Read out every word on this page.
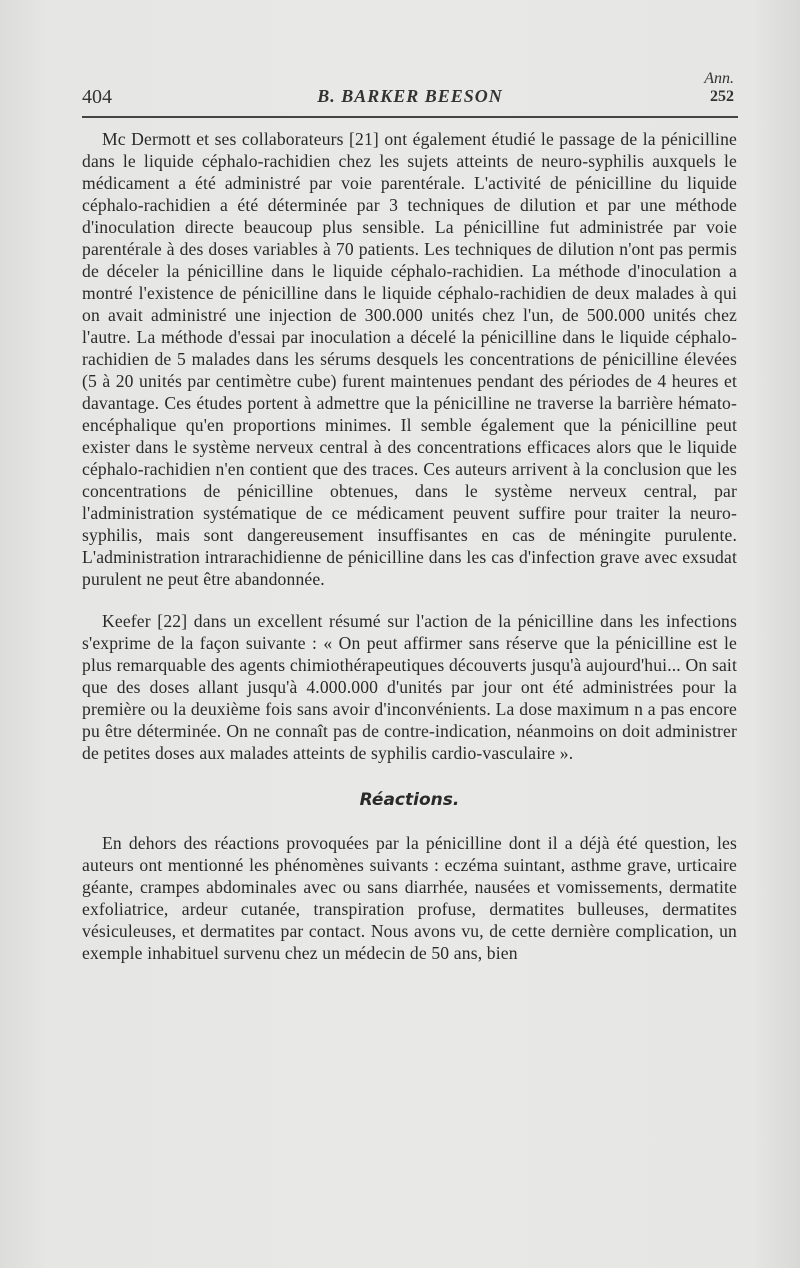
404	B. BARKER BEESON
Ann.
252

Mc Dermott et ses collaborateurs [21] ont également étudié le passage de la pénicilline dans le liquide céphalo-rachidien chez les sujets atteints de neuro-syphilis auxquels le médicament a été administré par voie parentérale. L'activité de pénicilline du liquide céphalo-rachidien a été déterminée par 3 techniques de dilution et par une méthode d'inoculation directe beaucoup plus sensible. La pénicilline fut administrée par voie parentérale à des doses variables à 70 patients. Les techniques de dilution n'ont pas permis de déceler la pénicilline dans le liquide céphalo-rachidien. La méthode d'inoculation a montré l'existence de pénicilline dans le liquide céphalo-rachidien de deux malades à qui on avait administré une injection de 300.000 unités chez l'un, de 500.000 unités chez l'autre. La méthode d'essai par inoculation a décelé la pénicilline dans le liquide céphalo-rachidien de 5 malades dans les sérums desquels les concentrations de pénicilline élevées (5 à 20 unités par centimètre cube) furent maintenues pendant des périodes de 4 heures et davantage. Ces études portent à admettre que la pénicilline ne traverse la barrière hémato-encéphalique qu'en proportions minimes. Il semble également que la pénicilline peut exister dans le système nerveux central à des concentrations efficaces alors que le liquide céphalo-rachidien n'en contient que des traces. Ces auteurs arrivent à la conclusion que les concentrations de pénicilline obtenues, dans le système nerveux central, par l'administration systématique de ce médicament peuvent suffire pour traiter la neuro-syphilis, mais sont dangereusement insuffisantes en cas de méningite purulente. L'administration intrarachidienne de pénicilline dans les cas d'infection grave avec exsudat purulent ne peut être abandonnée.

Keefer [22] dans un excellent résumé sur l'action de la pénicilline dans les infections s'exprime de la façon suivante : « On peut affirmer sans réserve que la pénicilline est le plus remarquable des agents chimiothérapeutiques découverts jusqu'à aujourd'hui... On sait que des doses allant jusqu'à 4.000.000 d'unités par jour ont été administrées pour la première ou la deuxième fois sans avoir d'inconvénients. La dose maximum n a pas encore pu être déterminée. On ne connaît pas de contre-indication, néanmoins on doit administrer de petites doses aux malades atteints de syphilis cardio-vasculaire ».

Réactions.

En dehors des réactions provoquées par la pénicilline dont il a déjà été question, les auteurs ont mentionné les phénomènes suivants : eczéma suintant, asthme grave, urticaire géante, crampes abdominales avec ou sans diarrhée, nausées et vomissements, dermatite exfoliatrice, ardeur cutanée, transpiration profuse, dermatites bulleuses, dermatites vésiculeuses, et dermatites par contact. Nous avons vu, de cette dernière complication, un exemple inhabituel survenu chez un médecin de 50 ans, bien
